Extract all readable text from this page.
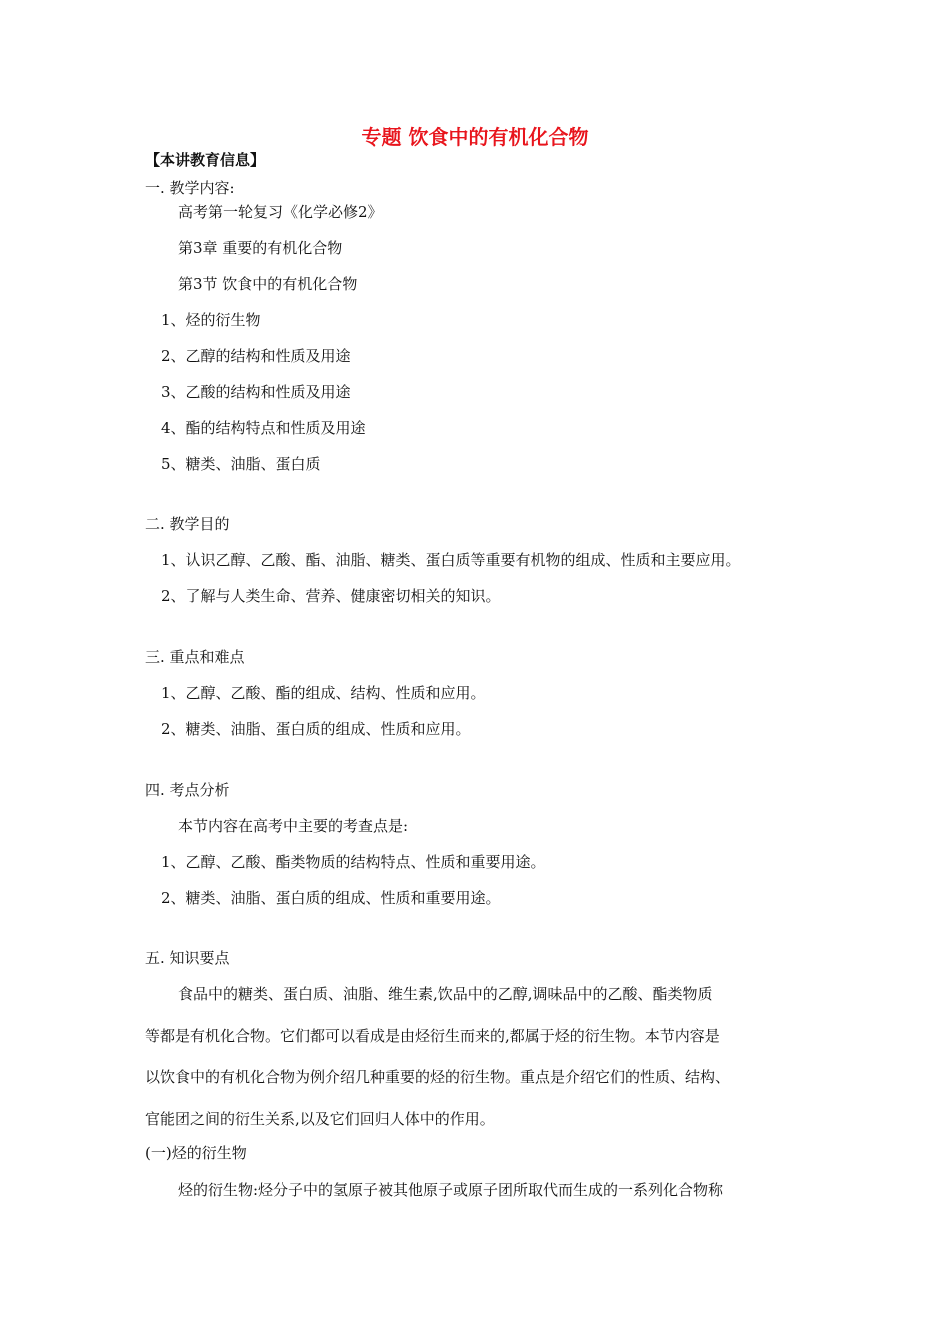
专题 饮食中的有机化合物
【本讲教育信息】
一. 教学内容:
高考第一轮复习《化学必修2》
第3章 重要的有机化合物
第3节 饮食中的有机化合物
1、烃的衍生物
2、乙醇的结构和性质及用途
3、乙酸的结构和性质及用途
4、酯的结构特点和性质及用途
5、糖类、油脂、蛋白质
二. 教学目的
1、认识乙醇、乙酸、酯、油脂、糖类、蛋白质等重要有机物的组成、性质和主要应用。
2、了解与人类生命、营养、健康密切相关的知识。
三. 重点和难点
1、乙醇、乙酸、酯的组成、结构、性质和应用。
2、糖类、油脂、蛋白质的组成、性质和应用。
四. 考点分析
本节内容在高考中主要的考查点是:
1、乙醇、乙酸、酯类物质的结构特点、性质和重要用途。
2、糖类、油脂、蛋白质的组成、性质和重要用途。
五. 知识要点
食品中的糖类、蛋白质、油脂、维生素,饮品中的乙醇,调味品中的乙酸、酯类物质
等都是有机化合物。它们都可以看成是由烃衍生而来的,都属于烃的衍生物。本节内容是
以饮食中的有机化合物为例介绍几种重要的烃的衍生物。重点是介绍它们的性质、结构、
官能团之间的衍生关系,以及它们回归人体中的作用。
(一)烃的衍生物
烃的衍生物:烃分子中的氢原子被其他原子或原子团所取代而生成的一系列化合物称
